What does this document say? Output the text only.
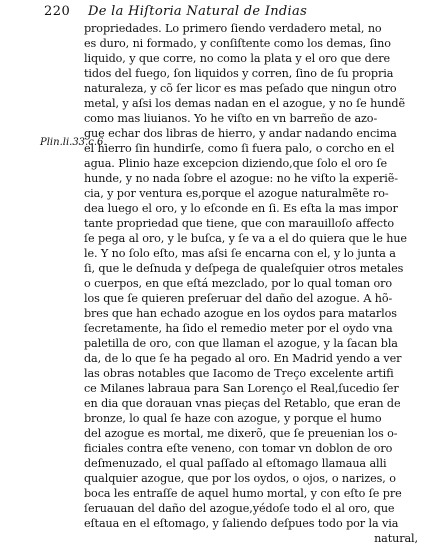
220 De la Hiſtoria Natural de Indias
Plin.li.33.c.6.
propriedades. Lo primero ſiendo verdadero metal, no
es duro, ni formado, y conſiſtente como los demas, ſino
liquido, y que corre, no como la plata y el oro que dere
tidos del fuego, ſon liquidos y corren, ſino de ſu propria
naturaleza, y cõ ſer licor es mas peſado que ningun otro
metal, y aſsi los demas nadan en el azogue, y no ſe hundẽ
como mas liuianos. Yo he viſto en vn barreño de azo-
gue echar dos libras de hierro, y andar nadando encima
el hierro ſin hundirſe, como ſi fuera palo, o corcho en el
agua. Plinio haze excepcion diziendo,que ſolo el oro ſe
hunde, y no nada ſobre el azogue: no he viſto la experiẽ-
cia, y por ventura es,porque el azogue naturalmẽte ro-
dea luego el oro, y lo eſconde en ſi. Es eſta la mas impor
tante propriedad que tiene, que con marauilloſo affecto
ſe pega al oro, y le buſca, y ſe va a el do quiera que le hue
le. Y no ſolo eſto, mas aſsi ſe encarna con el, y lo junta a
ſi, que le deſnuda y deſpega de qualeſquier otros metales
o cuerpos, en que eſtá mezclado, por lo qual toman oro
los que ſe quieren preſeruar del daño del azogue. A hõ-
bres que han echado azogue en los oydos para matarlos
ſecretamente, ha ſido el remedio meter por el oydo vna
paletilla de oro, con que llaman el azogue, y la ſacan bla
da, de lo que ſe ha pegado al oro. En Madrid yendo a ver
las obras notables que Iacomo de Treço excelente artifi
ce Milanes labraua para San Lorenço el Real,ſucedio ſer
en dia que dorauan vnas pieças del Retablo, que eran de
bronze, lo qual ſe haze con azogue, y porque el humo
del azogue es mortal, me dixerõ, que ſe preuenian los o-
ficiales contra eſte veneno, con tomar vn doblon de oro
deſmenuzado, el qual paſſado al eſtomago llamaua alli
qualquier azogue, que por los oydos, o ojos, o narizes, o
boca les entraſſe de aquel humo mortal, y con eſto ſe pre
ſeruauan del daño del azogue,yédoſe todo el al oro, que
eſtaua en el eſtomago, y ſaliendo deſpues todo por la via
natural,
